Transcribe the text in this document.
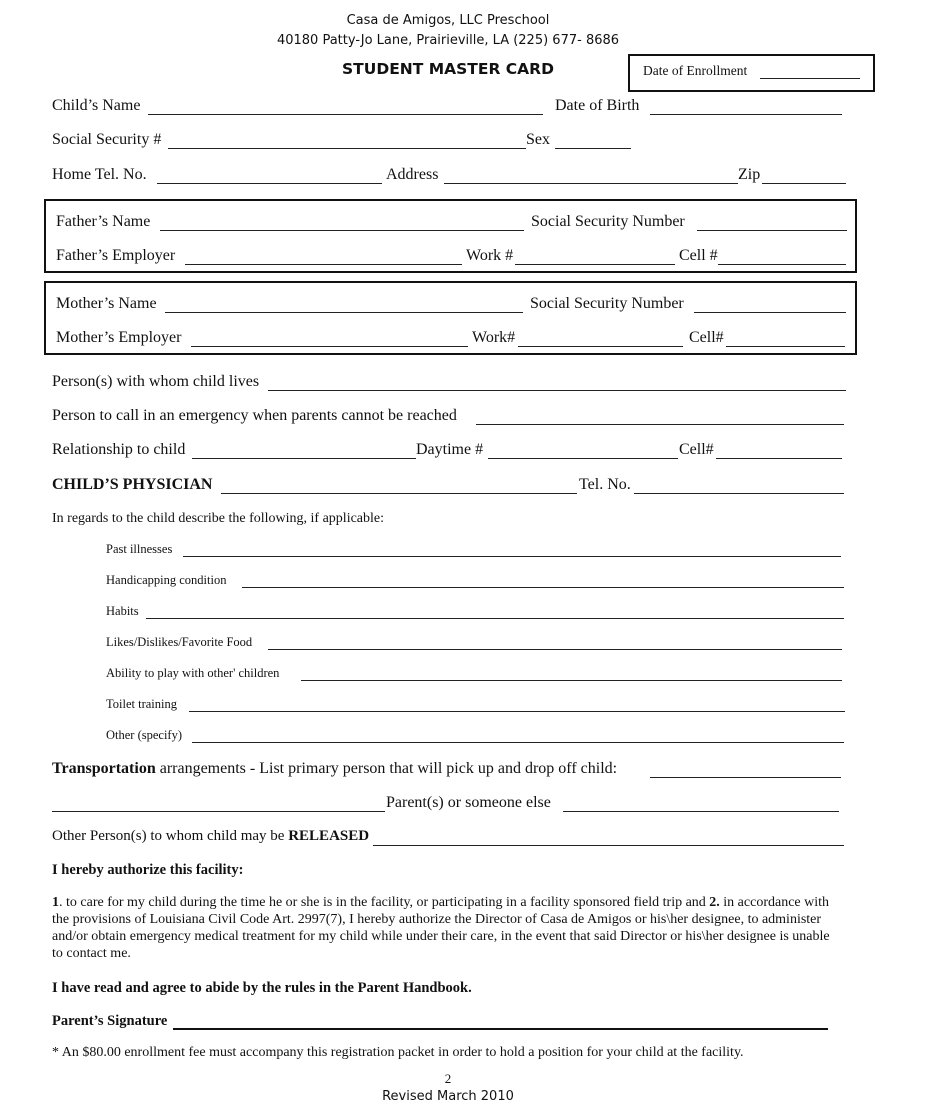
Casa de Amigos, LLC Preschool
40180 Patty-Jo Lane, Prairieville, LA (225) 677- 8686
STUDENT MASTER CARD	Date of Enrollment
Child’s Name	Date of Birth
Social Security #	Sex
Home Tel. No.	Address	Zip
Father’s Name	Social Security Number
Father’s Employer	Work #	Cell #
Mother’s Name	Social Security Number
Mother’s Employer	Work#	Cell#
Person(s) with whom child lives
Person to call in an emergency when parents cannot be reached
Relationship to child	Daytime #	Cell#
CHILD’S PHYSICIAN	Tel. No.
In regards to the child describe the following, if applicable:
Past illnesses
Handicapping condition
Habits
Likes/Dislikes/Favorite Food
Ability to play with other' children
Toilet training
Other (specify)
Transportation arrangements - List primary person that will pick up and drop off child:
Parent(s) or someone else
Other Person(s) to whom child may be RELEASED
I hereby authorize this facility:
1. to care for my child during the time he or she is in the facility, or participating in a facility sponsored field trip and 2. in accordance with the provisions of Louisiana Civil Code Art. 2997(7), I hereby authorize the Director of Casa de Amigos or his\her designee, to administer and/or obtain emergency medical treatment for my child while under their care, in the event that said Director or his\her designee is unable to contact me.
I have read and agree to abide by the rules in the Parent Handbook.
Parent’s Signature
* An $80.00 enrollment fee must accompany this registration packet in order to hold a position for your child at the facility.
2
Revised March 2010
